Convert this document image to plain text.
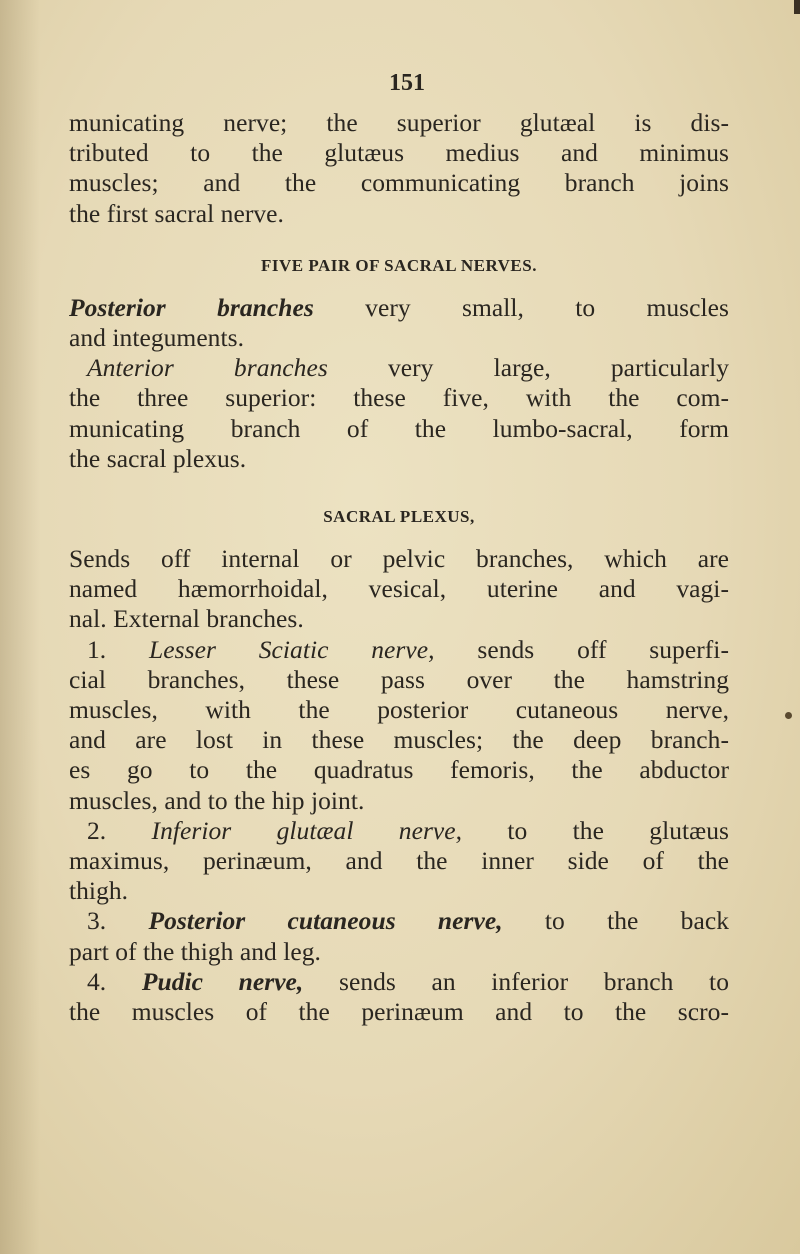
151
municating nerve; the superior glutæal is dis-
tributed to the glutæus medius and minimus
muscles; and the communicating branch joins
the first sacral nerve.
FIVE PAIR OF SACRAL NERVES.
Posterior branches very small, to muscles
and integuments.
Anterior branches very large, particularly
the three superior: these five, with the com-
municating branch of the lumbo-sacral, form
the sacral plexus.
SACRAL PLEXUS,
Sends off internal or pelvic branches, which are
named hæmorrhoidal, vesical, uterine and vagi-
nal. External branches.
1. Lesser Sciatic nerve, sends off superfi-
cial branches, these pass over the hamstring
muscles, with the posterior cutaneous nerve,
and are lost in these muscles; the deep branch-
es go to the quadratus femoris, the abductor
muscles, and to the hip joint.
2. Inferior glutæal nerve, to the glutæus
maximus, perinæum, and the inner side of the
thigh.
3. Posterior cutaneous nerve, to the back
part of the thigh and leg.
4. Pudic nerve, sends an inferior branch to
the muscles of the perinæum and to the scro-
